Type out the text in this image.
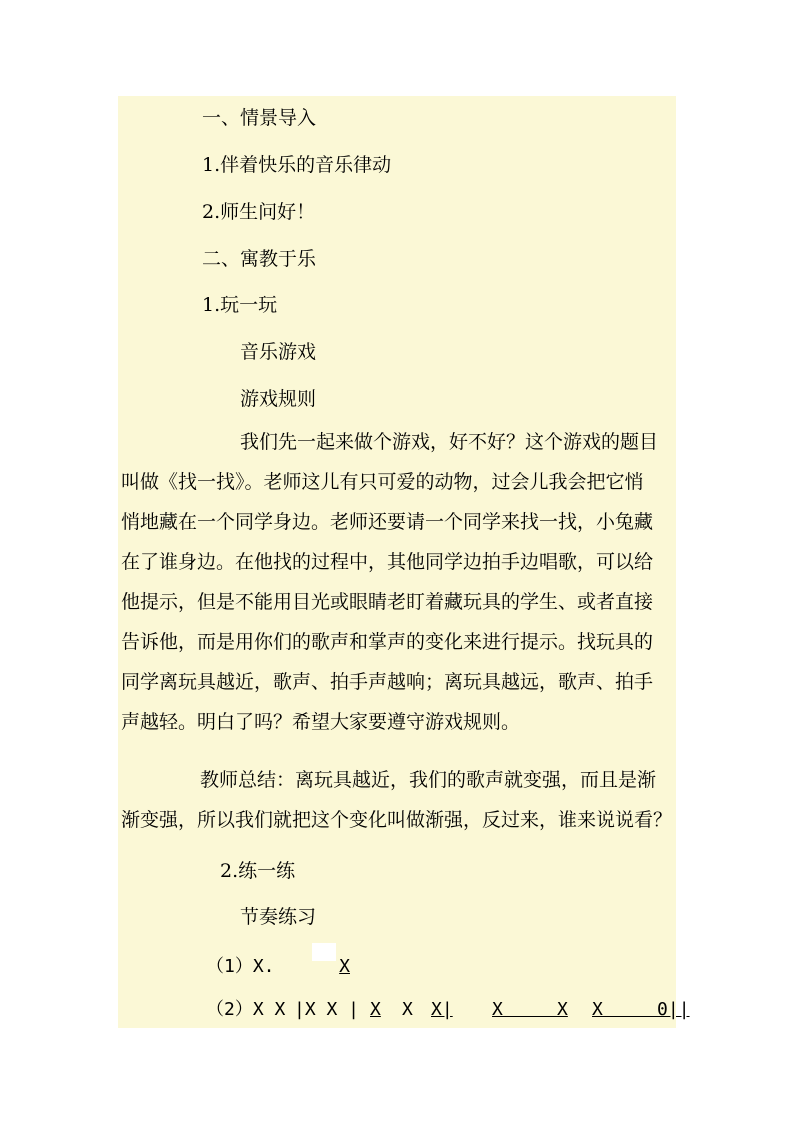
一、情景导入
1.伴着快乐的音乐律动
2.师生问好！
二、寓教于乐
1.玩一玩
音乐游戏
游戏规则
我们先一起来做个游戏，好不好？这个游戏的题目
叫做《找一找》。老师这儿有只可爱的动物，过会儿我会把它悄
悄地藏在一个同学身边。老师还要请一个同学来找一找，小兔藏
在了谁身边。在他找的过程中，其他同学边拍手边唱歌，可以给
他提示，但是不能用目光或眼睛老盯着藏玩具的学生、或者直接
告诉他，而是用你们的歌声和掌声的变化来进行提示。找玩具的
同学离玩具越近，歌声、拍手声越响；离玩具越远，歌声、拍手
声越轻。明白了吗？希望大家要遵守游戏规则。
教师总结：离玩具越近，我们的歌声就变强，而且是渐
渐变强，所以我们就把这个变化叫做渐强，反过来，谁来说说看？
2.练一练
节奏练习
（1）X.	X
（2）X X |X X | X X X| X     X X     0||
